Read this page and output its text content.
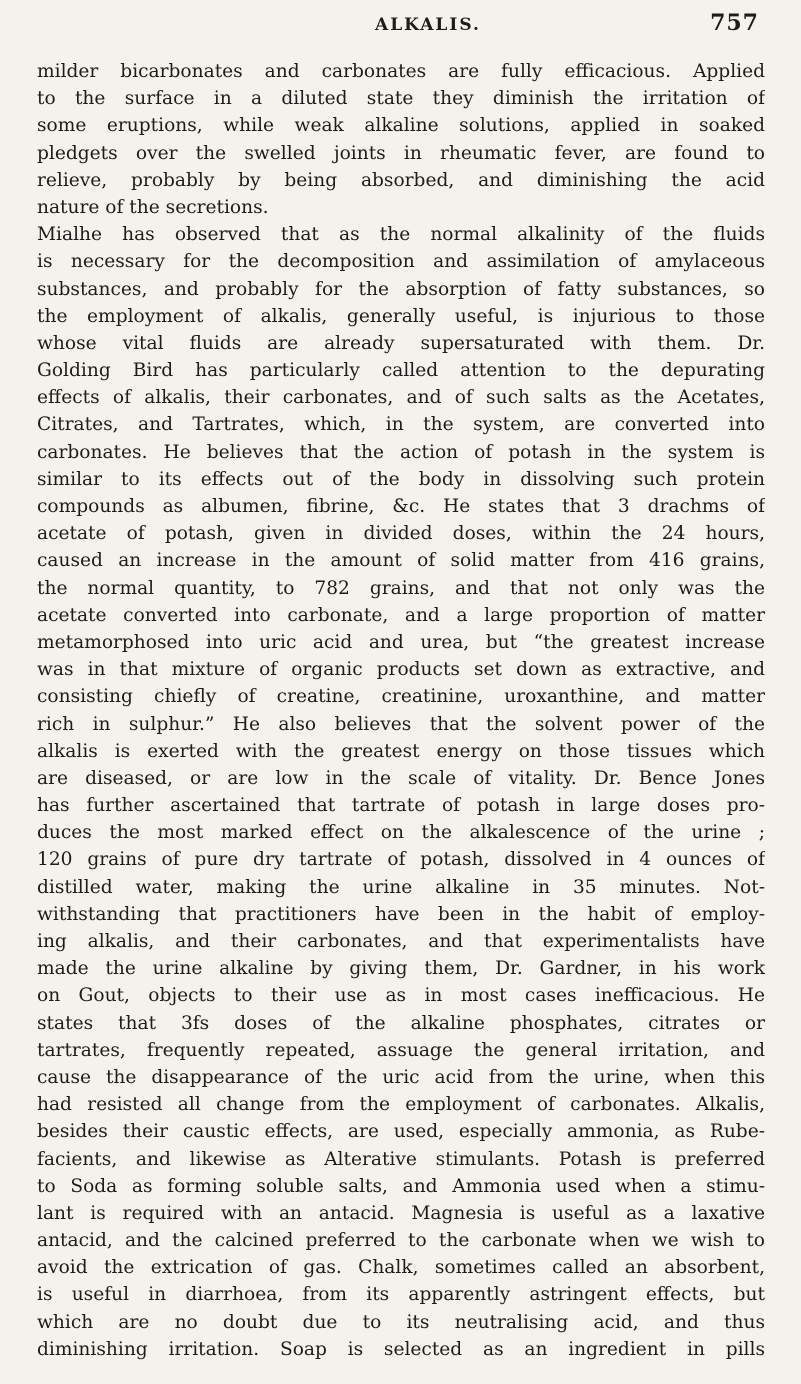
ALKALIS.	757
milder bicarbonates and carbonates are fully efficacious. Applied
to the surface in a diluted state they diminish the irritation of
some eruptions, while weak alkaline solutions, applied in soaked
pledgets over the swelled joints in rheumatic fever, are found to
relieve, probably by being absorbed, and diminishing the acid
nature of the secretions.
Mialhe has observed that as the normal alkalinity of the fluids
is necessary for the decomposition and assimilation of amylaceous
substances, and probably for the absorption of fatty substances, so
the employment of alkalis, generally useful, is injurious to those
whose vital fluids are already supersaturated with them. Dr.
Golding Bird has particularly called attention to the depurating
effects of alkalis, their carbonates, and of such salts as the Acetates,
Citrates, and Tartrates, which, in the system, are converted into
carbonates. He believes that the action of potash in the system is
similar to its effects out of the body in dissolving such protein
compounds as albumen, fibrine, &c. He states that 3 drachms of
acetate of potash, given in divided doses, within the 24 hours,
caused an increase in the amount of solid matter from 416 grains,
the normal quantity, to 782 grains, and that not only was the
acetate converted into carbonate, and a large proportion of matter
metamorphosed into uric acid and urea, but “the greatest increase
was in that mixture of organic products set down as extractive, and
consisting chiefly of creatine, creatinine, uroxanthine, and matter
rich in sulphur.” He also believes that the solvent power of the
alkalis is exerted with the greatest energy on those tissues which
are diseased, or are low in the scale of vitality. Dr. Bence Jones
has further ascertained that tartrate of potash in large doses pro-
duces the most marked effect on the alkalescence of the urine ;
120 grains of pure dry tartrate of potash, dissolved in 4 ounces of
distilled water, making the urine alkaline in 35 minutes. Not-
withstanding that practitioners have been in the habit of employ-
ing alkalis, and their carbonates, and that experimentalists have
made the urine alkaline by giving them, Dr. Gardner, in his work
on Gout, objects to their use as in most cases inefficacious. He
states that 3fs doses of the alkaline phosphates, citrates or
tartrates, frequently repeated, assuage the general irritation, and
cause the disappearance of the uric acid from the urine, when this
had resisted all change from the employment of carbonates. Alkalis,
besides their caustic effects, are used, especially ammonia, as Rube-
facients, and likewise as Alterative stimulants. Potash is preferred
to Soda as forming soluble salts, and Ammonia used when a stimu-
lant is required with an antacid. Magnesia is useful as a laxative
antacid, and the calcined preferred to the carbonate when we wish to
avoid the extrication of gas. Chalk, sometimes called an absorbent,
is useful in diarrhoea, from its apparently astringent effects, but
which are no doubt due to its neutralising acid, and thus
diminishing irritation. Soap is selected as an ingredient in pills
